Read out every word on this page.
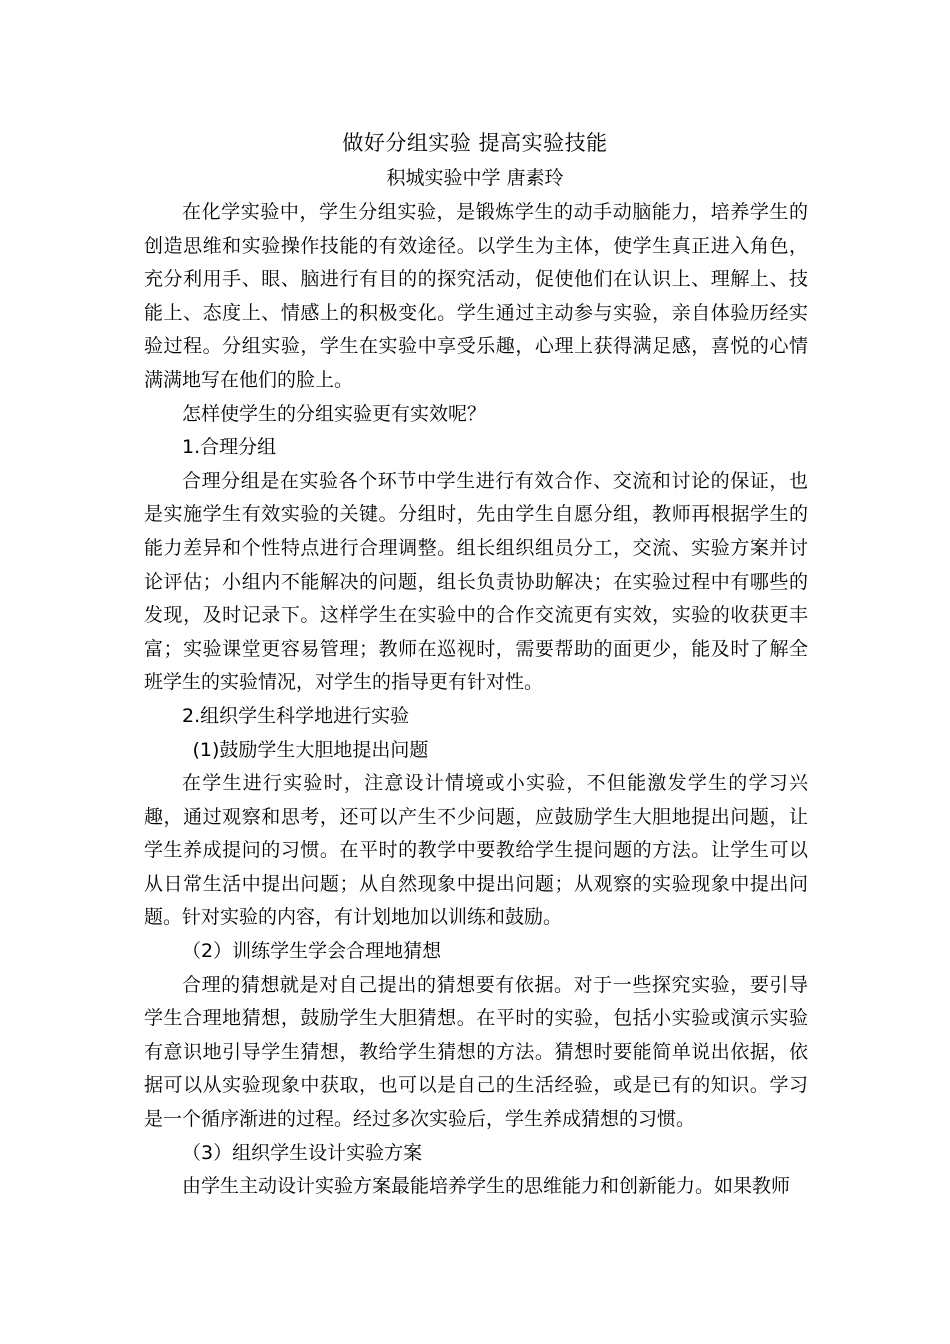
做好分组实验 提高实验技能
积城实验中学 唐素玲

在化学实验中，学生分组实验，是锻炼学生的动手动脑能力，培养学生的创造思维和实验操作技能的有效途径。以学生为主体，使学生真正进入角色，充分利用手、眼、脑进行有目的的探究活动，促使他们在认识上、理解上、技能上、态度上、情感上的积极变化。学生通过主动参与实验，亲自体验历经实验过程。分组实验，学生在实验中享受乐趣，心理上获得满足感，喜悦的心情满满地写在他们的脸上。

怎样使学生的分组实验更有实效呢？

1.合理分组

合理分组是在实验各个环节中学生进行有效合作、交流和讨论的保证，也是实施学生有效实验的关键。分组时，先由学生自愿分组，教师再根据学生的能力差异和个性特点进行合理调整。组长组织组员分工，交流、实验方案并讨论评估；小组内不能解决的问题，组长负责协助解决；在实验过程中有哪些的发现，及时记录下。这样学生在实验中的合作交流更有实效，实验的收获更丰富；实验课堂更容易管理；教师在巡视时，需要帮助的面更少，能及时了解全班学生的实验情况，对学生的指导更有针对性。

2.组织学生科学地进行实验

(1)鼓励学生大胆地提出问题

在学生进行实验时，注意设计情境或小实验，不但能激发学生的学习兴趣，通过观察和思考，还可以产生不少问题，应鼓励学生大胆地提出问题，让学生养成提问的习惯。在平时的教学中要教给学生提问题的方法。让学生可以从日常生活中提出问题；从自然现象中提出问题；从观察的实验现象中提出问题。针对实验的内容，有计划地加以训练和鼓励。

（2）训练学生学会合理地猜想

合理的猜想就是对自己提出的猜想要有依据。对于一些探究实验，要引导学生合理地猜想，鼓励学生大胆猜想。在平时的实验，包括小实验或演示实验有意识地引导学生猜想，教给学生猜想的方法。猜想时要能简单说出依据，依据可以从实验现象中获取，也可以是自己的生活经验，或是已有的知识。学习是一个循序渐进的过程。经过多次实验后，学生养成猜想的习惯。

（3）组织学生设计实验方案

由学生主动设计实验方案最能培养学生的思维能力和创新能力。如果教师
